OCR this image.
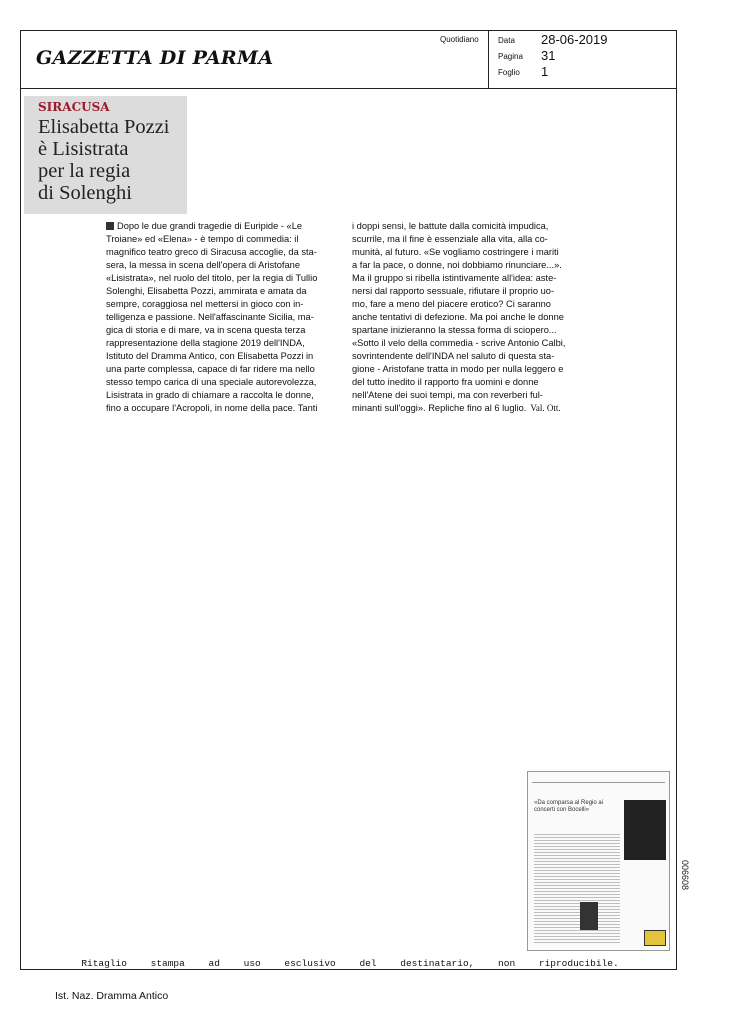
GAZZETTA DI PARMA
Quotidiano Data 28-06-2019
Pagina 31
Foglio 1
SIRACUSA
Elisabetta Pozzi
è Lisistrata
per la regia
di Solenghi
Dopo le due grandi tragedie di Euripide - «Le
Troiane» ed «Elena» - è tempo di commedia: il
magnifico teatro greco di Siracusa accoglie, da sta-
sera, la messa in scena dell'opera di Aristofane
«Lisistrata», nel ruolo del titolo, per la regia di Tullio
Solenghi, Elisabetta Pozzi, ammirata e amata da
sempre, coraggiosa nel mettersi in gioco con in-
telligenza e passione. Nell'affascinante Sicilia, ma-
gica di storia e di mare, va in scena questa terza
rappresentazione della stagione 2019 dell'INDA,
Istituto del Dramma Antico, con Elisabetta Pozzi in
una parte complessa, capace di far ridere ma nello
stesso tempo carica di una speciale autorevolezza,
Lisistrata in grado di chiamare a raccolta le donne,
fino a occupare l'Acropoli, in nome della pace. Tanti
i doppi sensi, le battute dalla comicità impudica,
scurrile, ma il fine è essenziale alla vita, alla co-
munità, al futuro. «Se vogliamo costringere i mariti
a far la pace, o donne, noi dobbiamo rinunciare...».
Ma il gruppo si ribella istintivamente all'idea: aste-
nersi dal rapporto sessuale, rifiutare il proprio uo-
mo, fare a meno del piacere erotico? Ci saranno
anche tentativi di defezione. Ma poi anche le donne
spartane inizieranno la stessa forma di sciopero...
«Sotto il velo della commedia - scrive Antonio Calbi,
sovrintendente dell'INDA nel saluto di questa sta-
gione - Aristofane tratta in modo per nulla leggero e
del tutto inedito il rapporto fra uomini e donne
nell'Atene dei suoi tempi, ma con reverberi ful-
minanti sull'oggi». Repliche fino al 6 luglio. Val. Ott.
«Da comparsa al Regio ai concerti con Bocelli»
006608
Ritaglio stampa ad uso esclusivo del destinatario, non riproducibile.
Ist. Naz. Dramma Antico
